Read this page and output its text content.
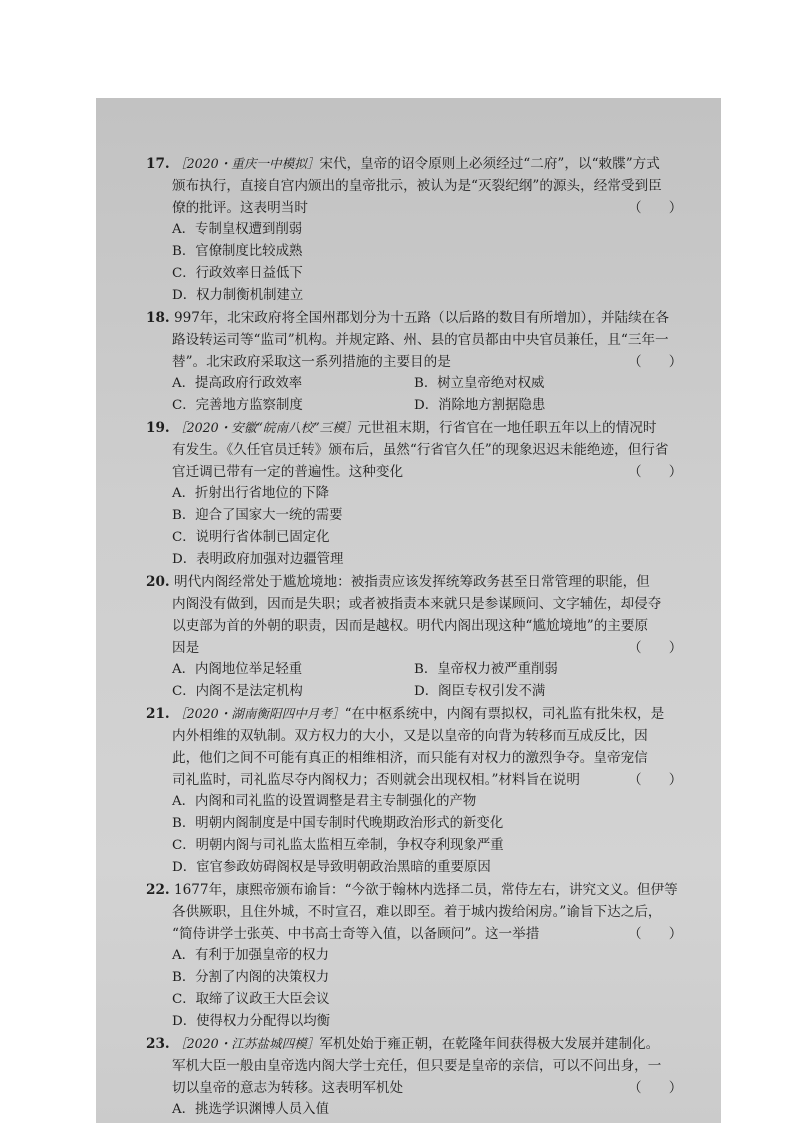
17. ［2020・重庆一中模拟］宋代，皇帝的诏令原则上必须经过“二府”，以“敕牒”方式
颁布执行，直接自宫内颁出的皇帝批示，被认为是“灭裂纪纲”的源头，经常受到臣
僚的批评。这表明当时	（　　）
A．专制皇权遭到削弱
B．官僚制度比较成熟
C．行政效率日益低下
D．权力制衡机制建立
18. 997年，北宋政府将全国州郡划分为十五路（以后路的数目有所增加），并陆续在各
路设转运司等“监司”机构。并规定路、州、县的官员都由中央官员兼任，且“三年一
替”。北宋政府采取这一系列措施的主要目的是	（　　）
A．提高政府行政效率	B．树立皇帝绝对权威
C．完善地方监察制度	D．消除地方割据隐患
19. ［2020・安徽“皖南八校”三模］元世祖末期，行省官在一地任职五年以上的情况时
有发生。《久任官员迁转》颁布后，虽然“行省官久任”的现象迟迟未能绝迹，但行省
官迁调已带有一定的普遍性。这种变化	（　　）
A．折射出行省地位的下降
B．迎合了国家大一统的需要
C．说明行省体制已固定化
D．表明政府加强对边疆管理
20. 明代内阁经常处于尴尬境地：被指责应该发挥统筹政务甚至日常管理的职能，但
内阁没有做到，因而是失职；或者被指责本来就只是参谋顾问、文字辅佐，却侵夺
以吏部为首的外朝的职责，因而是越权。明代内阁出现这种“尴尬境地”的主要原
因是	（　　）
A．内阁地位举足轻重	B．皇帝权力被严重削弱
C．内阁不是法定机构	D．阁臣专权引发不满
21. ［2020・湖南衡阳四中月考］“在中枢系统中，内阁有票拟权，司礼监有批朱权，是
内外相维的双轨制。双方权力的大小，又是以皇帝的向背为转移而互成反比，因
此，他们之间不可能有真正的相维相济，而只能有对权力的激烈争夺。皇帝宠信
司礼监时，司礼监尽夺内阁权力；否则就会出现权相。”材料旨在说明	（　　）
A．内阁和司礼监的设置调整是君主专制强化的产物
B．明朝内阁制度是中国专制时代晚期政治形式的新变化
C．明朝内阁与司礼监太监相互牵制，争权夺利现象严重
D．宦官参政妨碍阁权是导致明朝政治黑暗的重要原因
22. 1677年，康熙帝颁布谕旨：“今欲于翰林内选择二员，常侍左右，讲究文义。但伊等
各供厥职，且住外城，不时宣召，难以即至。着于城内拨给闲房。”谕旨下达之后，
“简侍讲学士张英、中书高士奇等入值，以备顾问”。这一举措	（　　）
A．有利于加强皇帝的权力
B．分割了内阁的决策权力
C．取缔了议政王大臣会议
D．使得权力分配得以均衡
23. ［2020・江苏盐城四模］军机处始于雍正朝，在乾隆年间获得极大发展并建制化。
军机大臣一般由皇帝选内阁大学士充任，但只要是皇帝的亲信，可以不问出身，一
切以皇帝的意志为转移。这表明军机处	（　　）
A．挑选学识渊博人员入值
